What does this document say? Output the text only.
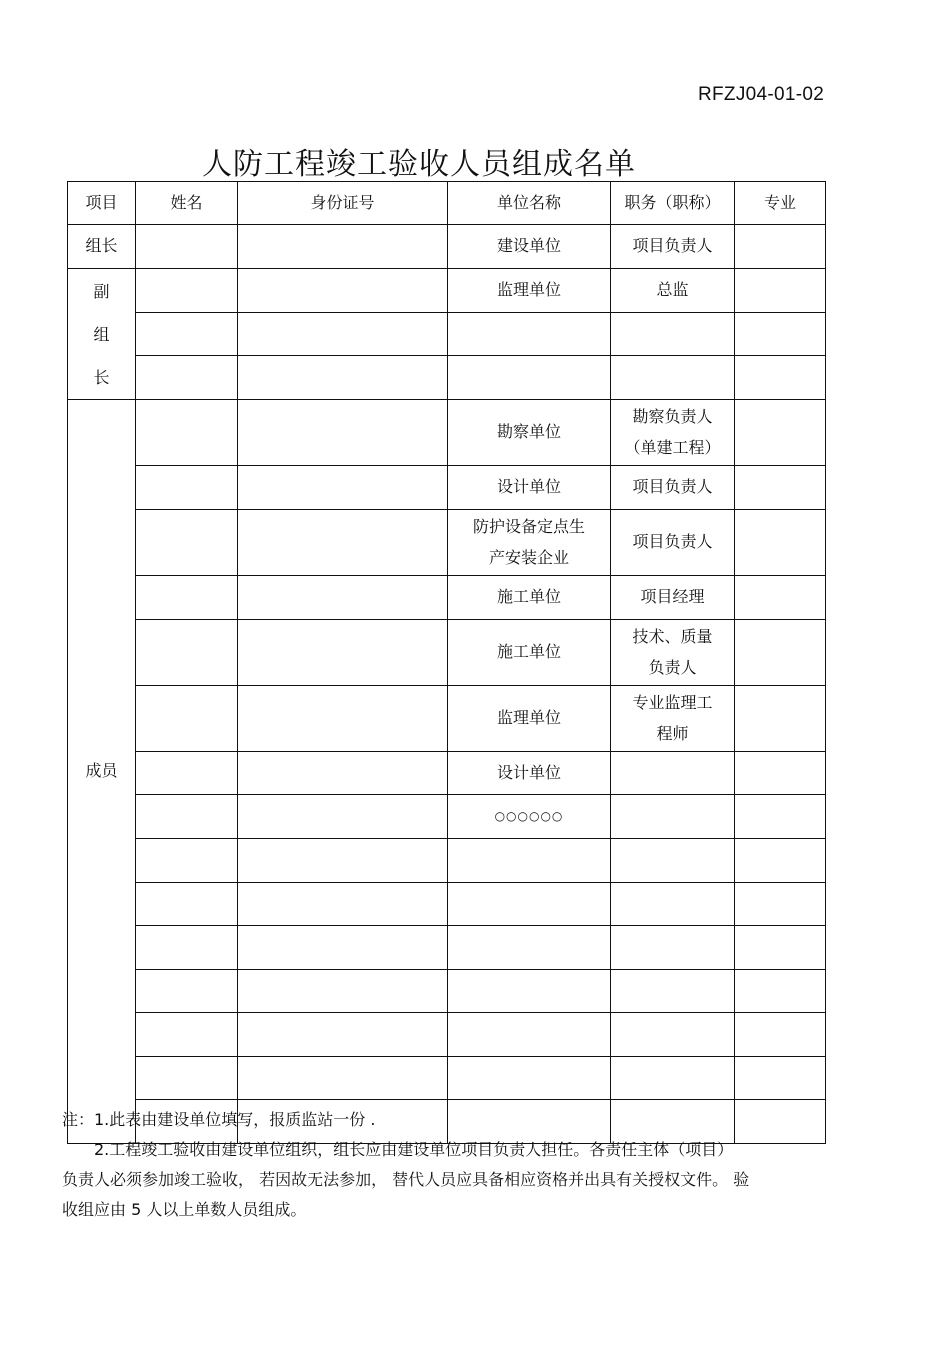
RFZJ04-01-02
人防工程竣工验收人员组成名单
项目	姓名	身份证号	单位名称	职务（职称）	专业
组长			建设单位	项目负责人	

副
组
长			监理单位	总监	

成员			勘察单位	勘察负责人
（单建工程）	

			设计单位	项目负责人	

			防护设备定点生
产安装企业	项目负责人	
			施工单位	项目经理	
			施工单位	技术、质量
负责人	

			监理单位	专业监理工
程师	

			设计单位		
			○○○○○○		

注：1.此表由建设单位填写，报质监站一份 .
2.工程竣工验收由建设单位组织，组长应由建设单位项目负责人担任。各责任主体（项目）
负责人必须参加竣工验收， 若因故无法参加， 替代人员应具备相应资格并出具有关授权文件。 验
收组应由 5 人以上单数人员组成。
